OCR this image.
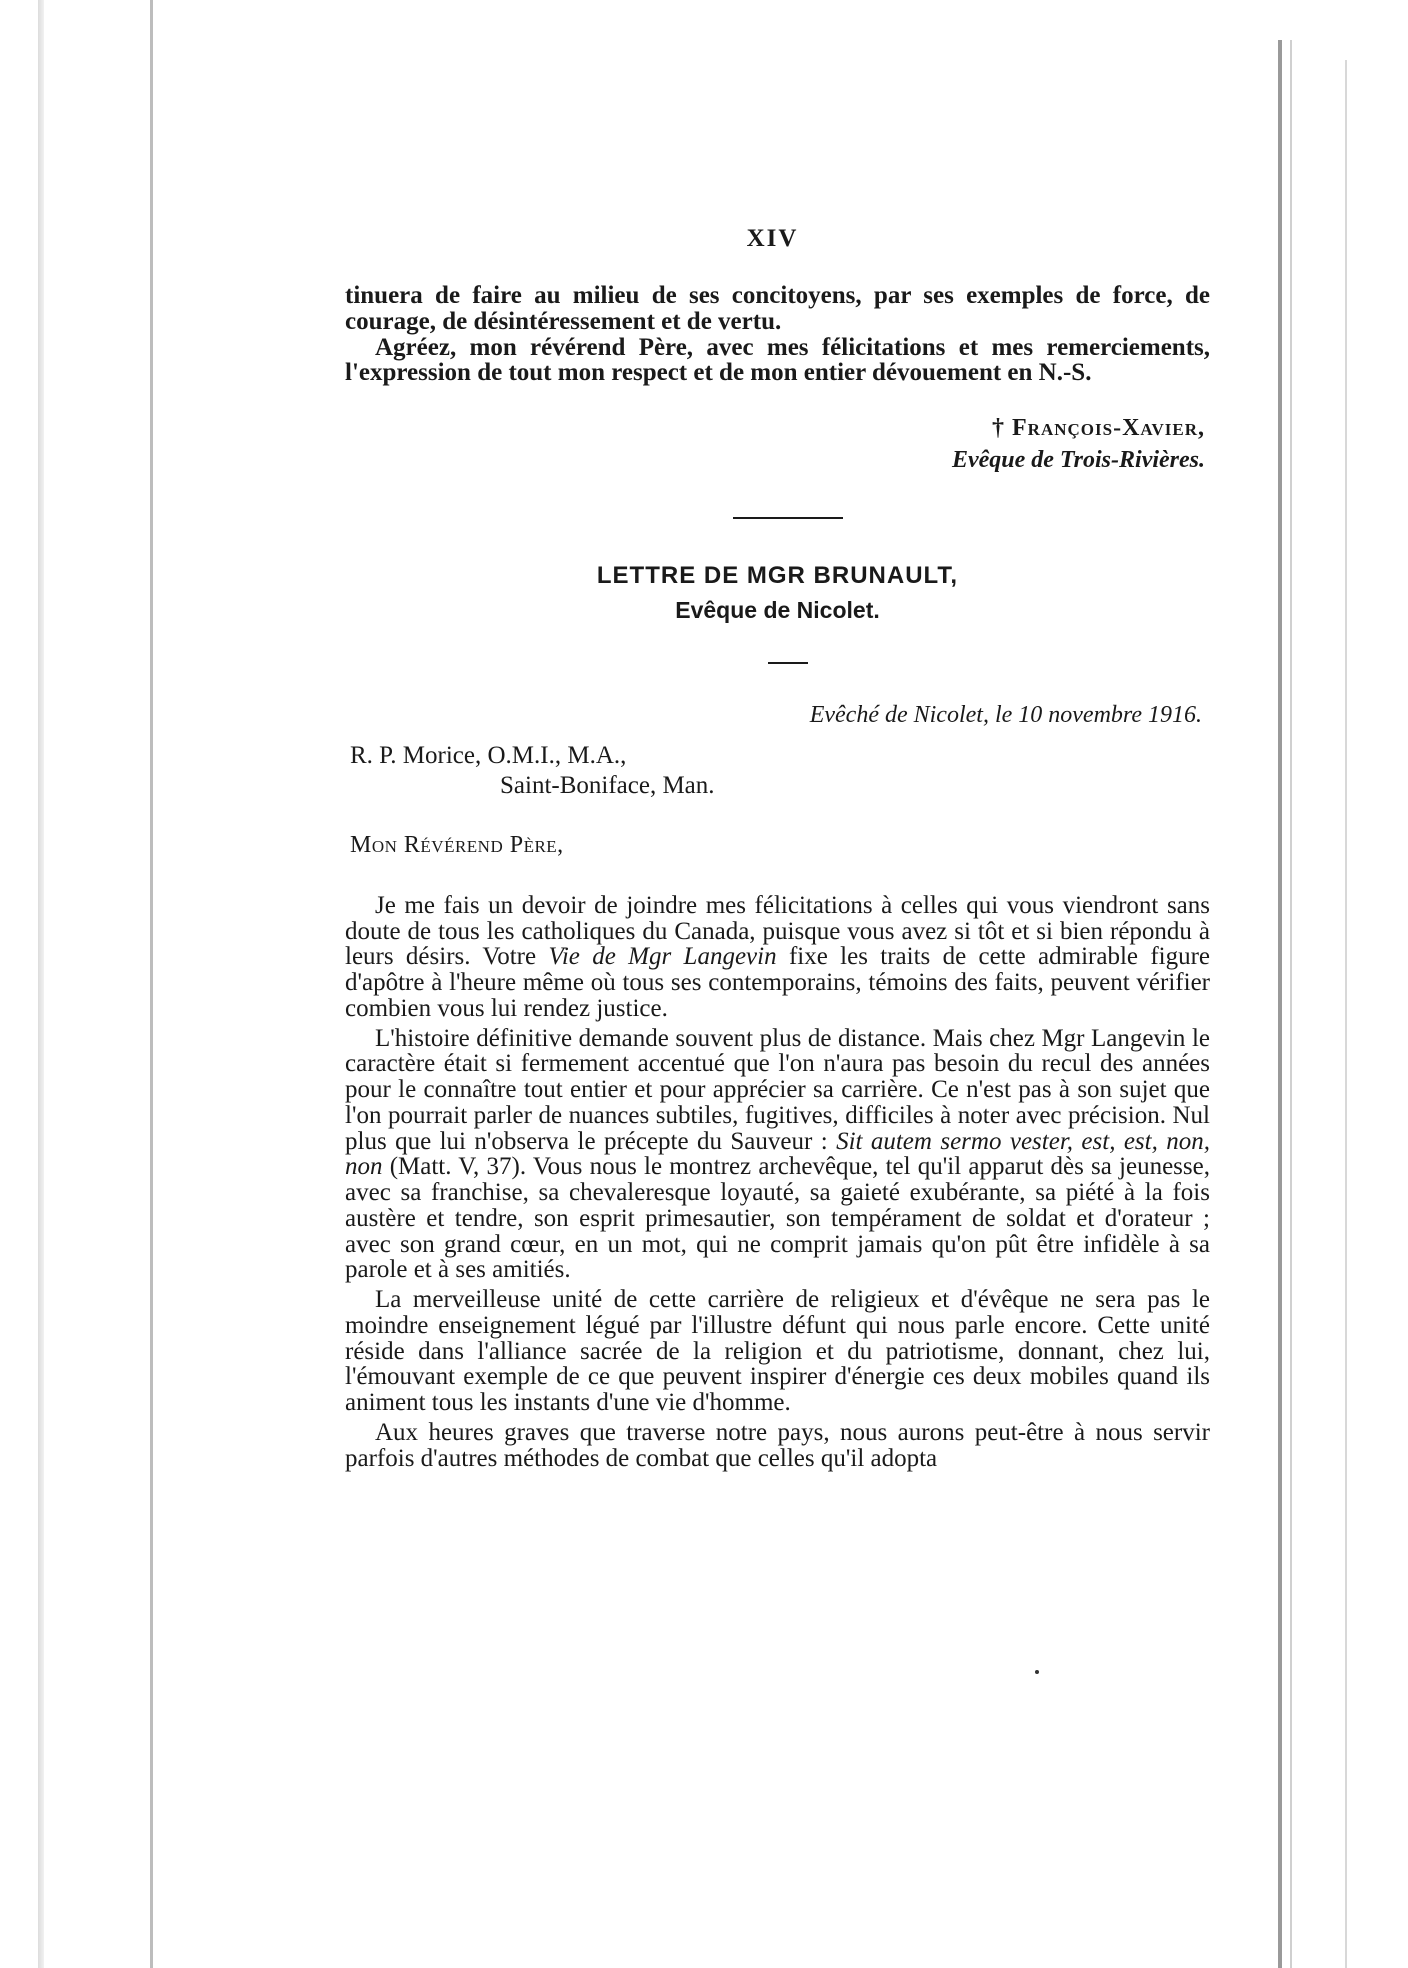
XIV

tinuera de faire au milieu de ses concitoyens, par ses exemples de force, de courage, de désintéressement et de vertu.

Agréez, mon révérend Père, avec mes félicitations et mes remerciements, l'expression de tout mon respect et de mon entier dévouement en N.-S.

† François-Xavier,
Evêque de Trois-Rivières.
LETTRE DE MGR BRUNAULT,
Evêque de Nicolet.
Evêché de Nicolet, le 10 novembre 1916.
R. P. Morice, O.M.I., M.A.,
Saint-Boniface, Man.
Mon Révérend Père,

Je me fais un devoir de joindre mes félicitations à celles qui vous viendront sans doute de tous les catholiques du Canada, puisque vous avez si tôt et si bien répondu à leurs désirs. Votre Vie de Mgr Langevin fixe les traits de cette admirable figure d'apôtre à l'heure même où tous ses contemporains, témoins des faits, peuvent vérifier combien vous lui rendez justice.

L'histoire définitive demande souvent plus de distance. Mais chez Mgr Langevin le caractère était si fermement accentué que l'on n'aura pas besoin du recul des années pour le connaître tout entier et pour apprécier sa carrière. Ce n'est pas à son sujet que l'on pourrait parler de nuances subtiles, fugitives, difficiles à noter avec précision. Nul plus que lui n'observa le précepte du Sauveur : Sit autem sermo vester, est, est, non, non (Matt. V, 37). Vous nous le montrez archevêque, tel qu'il apparut dès sa jeunesse, avec sa franchise, sa chevaleresque loyauté, sa gaieté exubérante, sa piété à la fois austère et tendre, son esprit primesautier, son tempérament de soldat et d'orateur ; avec son grand cœur, en un mot, qui ne comprit jamais qu'on pût être infidèle à sa parole et à ses amitiés.

La merveilleuse unité de cette carrière de religieux et d'évêque ne sera pas le moindre enseignement légué par l'illustre défunt qui nous parle encore. Cette unité réside dans l'alliance sacrée de la religion et du patriotisme, donnant, chez lui, l'émouvant exemple de ce que peuvent inspirer d'énergie ces deux mobiles quand ils animent tous les instants d'une vie d'homme.

Aux heures graves que traverse notre pays, nous aurons peut-être à nous servir parfois d'autres méthodes de combat que celles qu'il adopta
